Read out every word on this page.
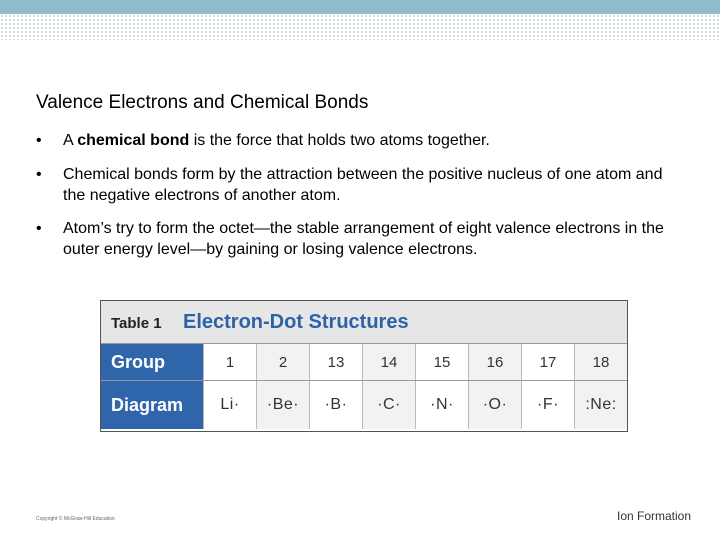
Valence Electrons and Chemical Bonds
• A chemical bond is the force that holds two atoms together.
• Chemical bonds form by the attraction between the positive nucleus of one atom and the negative electrons of another atom.
• Atom’s try to form the octet—the stable arrangement of eight valence electrons in the outer energy level—by gaining or losing valence electrons.
Table 1 Electron-Dot Structures
Group	1	2	13	14	15	16	17	18
Diagram	Li·	·Be·	·B·	·C·	·N·	·O·	·F·	:Ne:
Copyright © McGraw-Hill Education	Ion Formation
